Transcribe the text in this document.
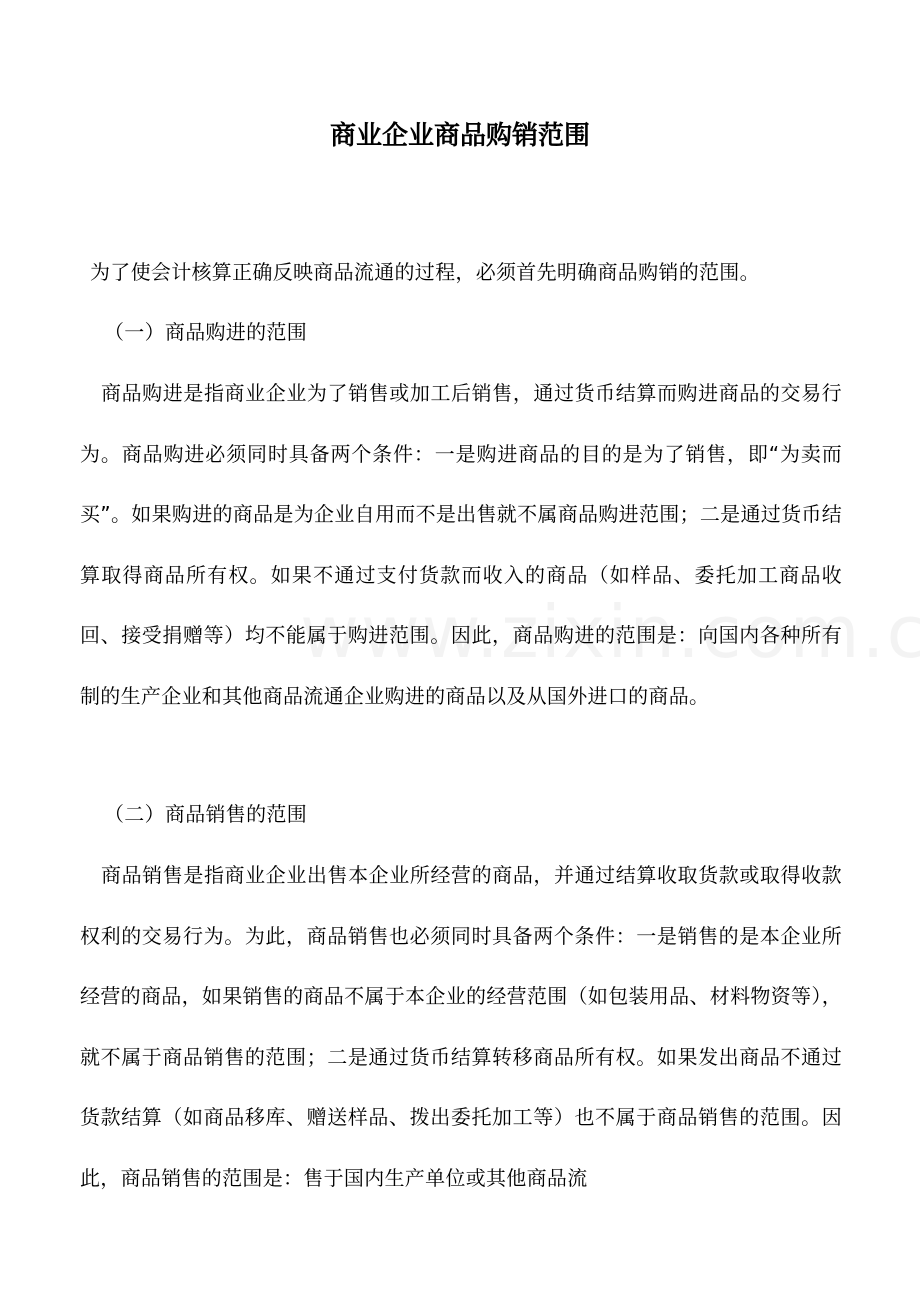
商业企业商品购销范围
为了使会计核算正确反映商品流通的过程，必须首先明确商品购销的范围。
（一）商品购进的范围
商品购进是指商业企业为了销售或加工后销售，通过货币结算而购进商品的交易行为。商品购进必须同时具备两个条件：一是购进商品的目的是为了销售，即“为卖而买”。如果购进的商品是为企业自用而不是出售就不属商品购进范围；二是通过货币结算取得商品所有权。如果不通过支付货款而收入的商品（如样品、委托加工商品收回、接受捐赠等）均不能属于购进范围。因此，商品购进的范围是：向国内各种所有制的生产企业和其他商品流通企业购进的商品以及从国外进口的商品。
（二）商品销售的范围
商品销售是指商业企业出售本企业所经营的商品，并通过结算收取货款或取得收款权利的交易行为。为此，商品销售也必须同时具备两个条件：一是销售的是本企业所经营的商品，如果销售的商品不属于本企业的经营范围（如包装用品、材料物资等），就不属于商品销售的范围；二是通过货币结算转移商品所有权。如果发出商品不通过货款结算（如商品移库、赠送样品、拨出委托加工等）也不属于商品销售的范围。因此，商品销售的范围是：售于国内生产单位或其他商品流
